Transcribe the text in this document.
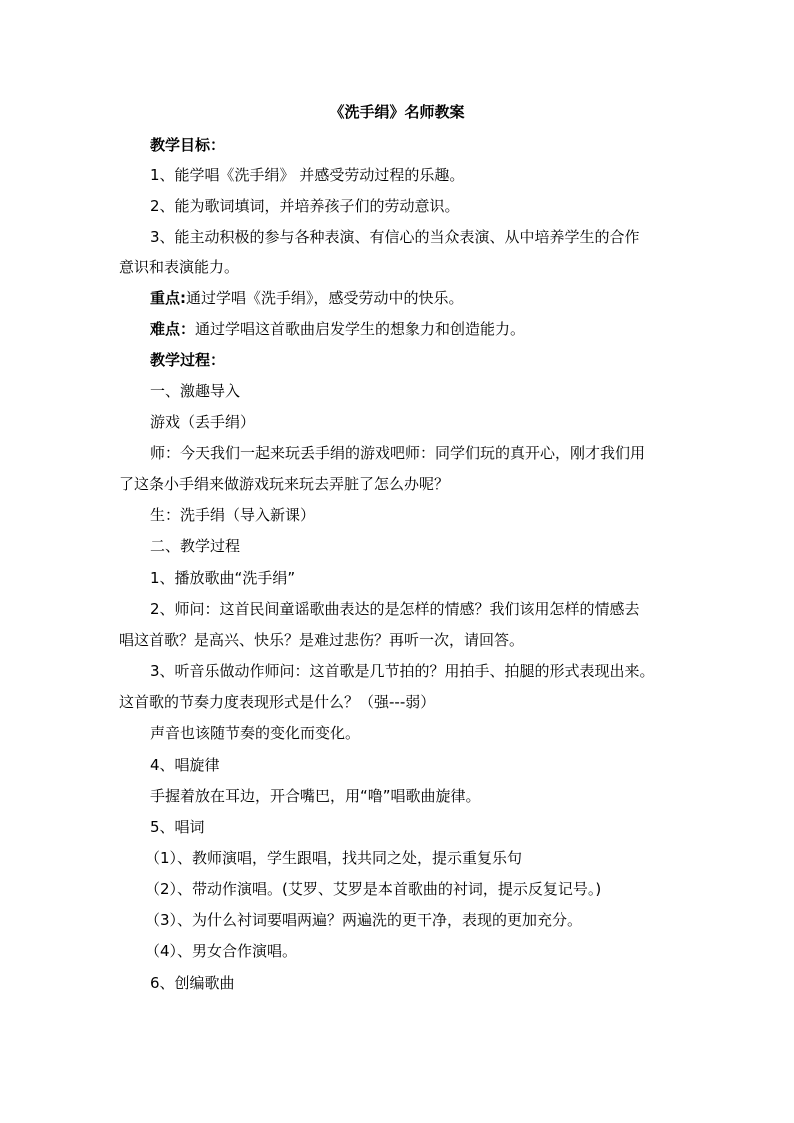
《洗手绢》名师教案
教学目标：
1、能学唱《洗手绢》 并感受劳动过程的乐趣。
2、能为歌词填词，并培养孩子们的劳动意识。
3、能主动积极的参与各种表演、有信心的当众表演、从中培养学生的合作
意识和表演能力。
重点:通过学唱《洗手绢》，感受劳动中的快乐。
难点：通过学唱这首歌曲启发学生的想象力和创造能力。
教学过程：
一、激趣导入
游戏（丢手绢）
师：今天我们一起来玩丢手绢的游戏吧师：同学们玩的真开心，刚才我们用
了这条小手绢来做游戏玩来玩去弄脏了怎么办呢？
生：洗手绢（导入新课）
二、教学过程
1、播放歌曲“洗手绢”
2、师问：这首民间童谣歌曲表达的是怎样的情感？我们该用怎样的情感去
唱这首歌？是高兴、快乐？是难过悲伤？再听一次，请回答。
3、听音乐做动作师问：这首歌是几节拍的？用拍手、拍腿的形式表现出来。
这首歌的节奏力度表现形式是什么？（强---弱）
声音也该随节奏的变化而变化。
4、唱旋律
手握着放在耳边，开合嘴巴，用“噜”唱歌曲旋律。
5、唱词
（1）、教师演唱，学生跟唱，找共同之处，提示重复乐句
（2）、带动作演唱。(艾罗、艾罗是本首歌曲的衬词，提示反复记号。)
（3）、为什么衬词要唱两遍？两遍洗的更干净，表现的更加充分。
（4）、男女合作演唱。
6、创编歌曲
